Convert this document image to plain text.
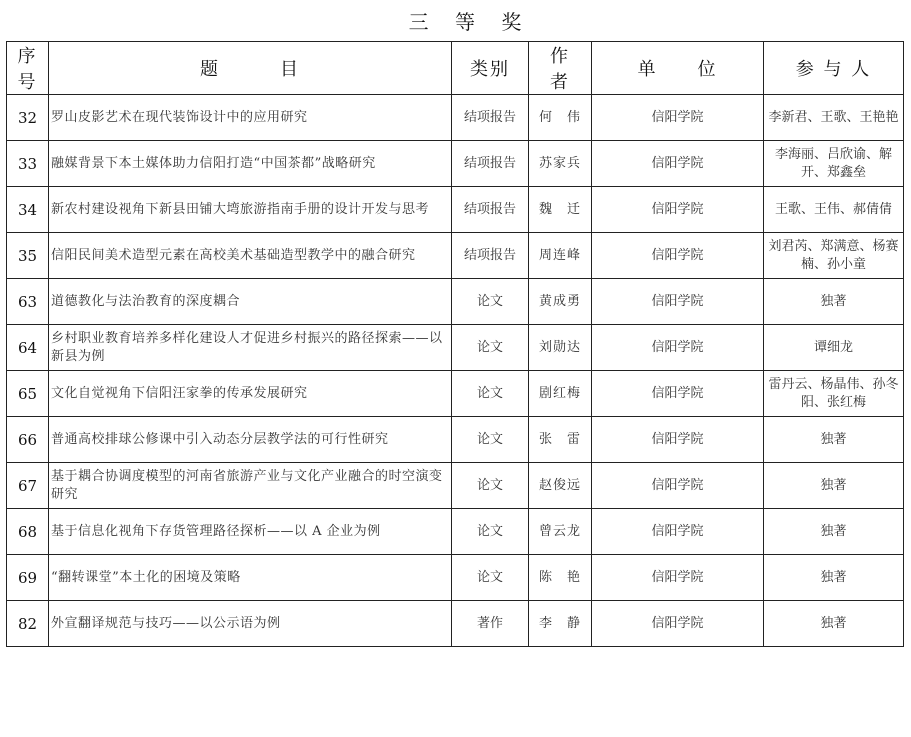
三 等 奖
序号	题　　　目	类别	作　者	单　　位	参 与 人
32	罗山皮影艺术在现代装饰设计中的应用研究	结项报告	何　伟	信阳学院	李新君、王歌、王艳艳
33	融媒背景下本土媒体助力信阳打造“中国茶都”战略研究	结项报告	苏家兵	信阳学院	李海丽、吕欣谕、解开、郑鑫垒
34	新农村建设视角下新县田铺大塆旅游指南手册的设计开发与思考	结项报告	魏　迁	信阳学院	王歌、王伟、郝倩倩
35	信阳民间美术造型元素在高校美术基础造型教学中的融合研究	结项报告	周连峰	信阳学院	刘君芮、郑满意、杨赛楠、孙小童
63	道德教化与法治教育的深度耦合	论文	黄成勇	信阳学院	独著
64	乡村职业教育培养多样化建设人才促进乡村振兴的路径探索——以新县为例	论文	刘勋达	信阳学院	谭细龙
65	文化自觉视角下信阳汪家拳的传承发展研究	论文	剧红梅	信阳学院	雷丹云、杨晶伟、孙冬阳、张红梅
66	普通高校排球公修课中引入动态分层教学法的可行性研究	论文	张　雷	信阳学院	独著
67	基于耦合协调度模型的河南省旅游产业与文化产业融合的时空演变研究	论文	赵俊远	信阳学院	独著
68	基于信息化视角下存货管理路径探析——以 A 企业为例	论文	曾云龙	信阳学院	独著
69	“翻转课堂”本土化的困境及策略	论文	陈　艳	信阳学院	独著
82	外宣翻译规范与技巧——以公示语为例	著作	李　静	信阳学院	独著
